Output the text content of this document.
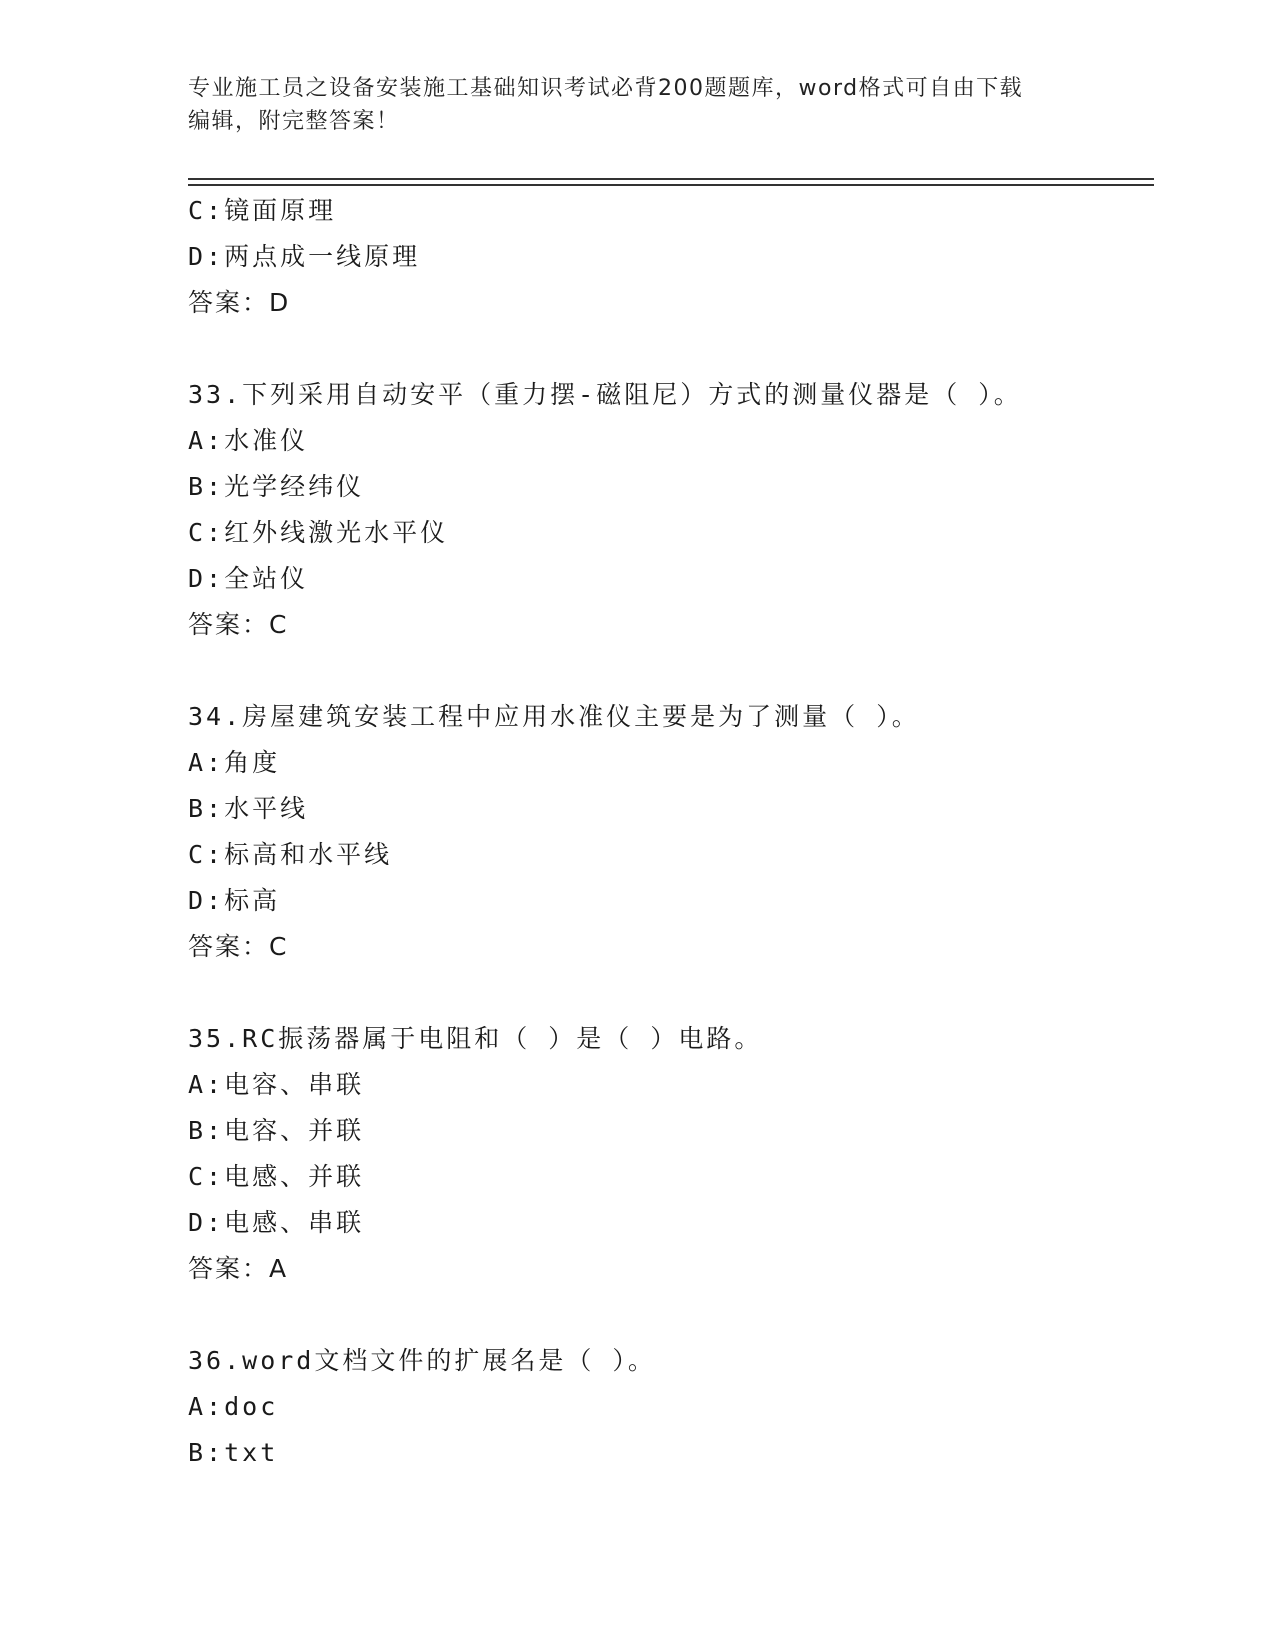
专业施工员之设备安装施工基础知识考试必背200题题库，word格式可自由下载
编辑，附完整答案！
C:镜面原理
D:两点成一线原理
答案：D
33.下列采用自动安平（重力摆-磁阻尼）方式的测量仪器是（ ）。
A:水准仪
B:光学经纬仪
C:红外线激光水平仪
D:全站仪
答案：C
34.房屋建筑安装工程中应用水准仪主要是为了测量（ ）。
A:角度
B:水平线
C:标高和水平线
D:标高
答案：C
35.RC振荡器属于电阻和（ ）是（ ）电路。
A:电容、串联
B:电容、并联
C:电感、并联
D:电感、串联
答案：A
36.word文档文件的扩展名是（ ）。
A:doc
B:txt
